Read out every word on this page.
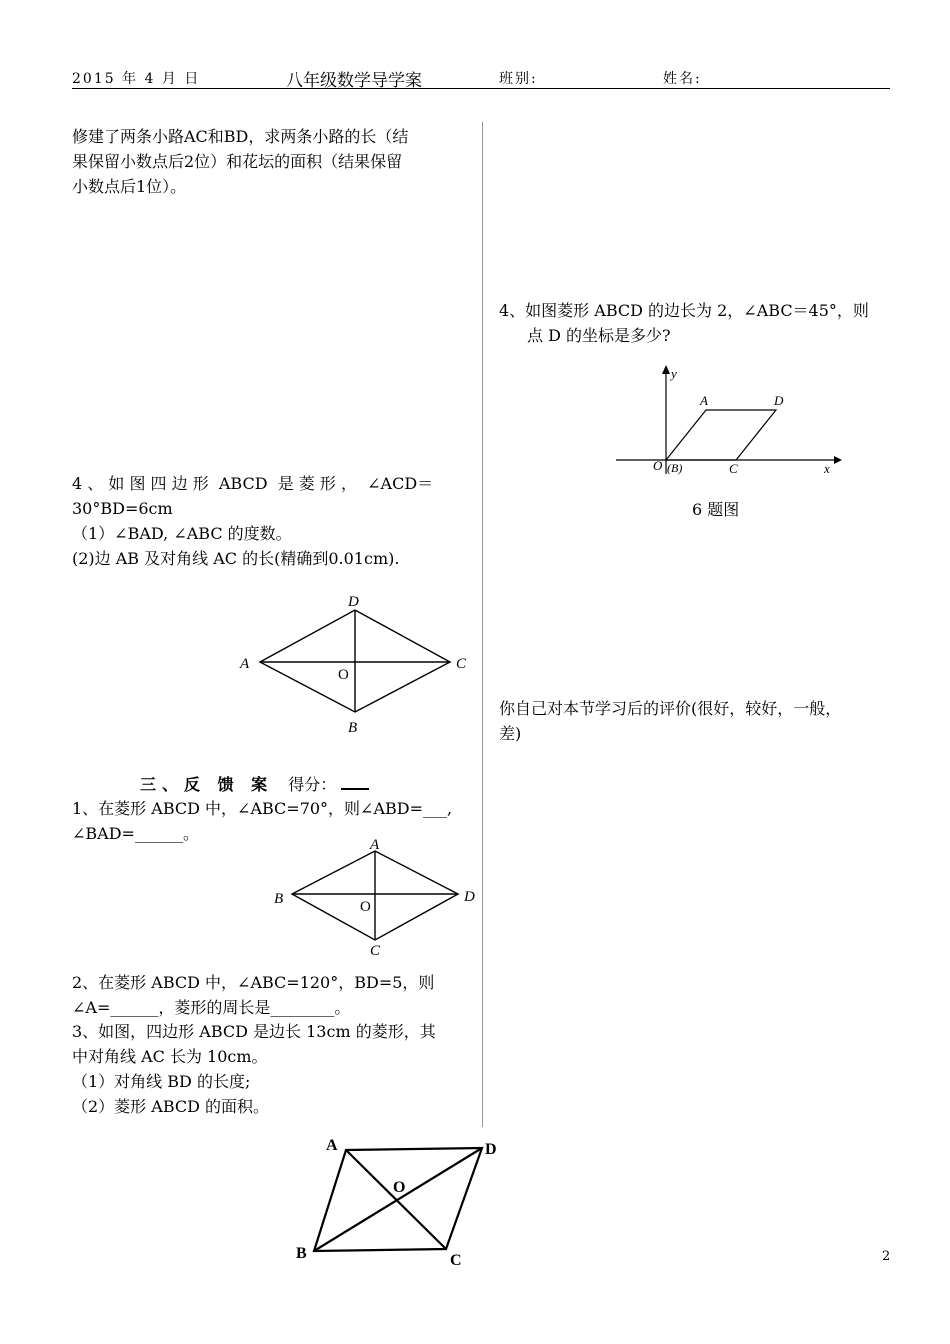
2015 年 4 月 日	八年级数学导学案	班别:	姓名:
修建了两条小路AC和BD，求两条小路的长（结
果保留小数点后2位）和花坛的面积（结果保留
小数点后1位）。
4 、 如 图 四 边 形  ABCD  是 菱 形 ，  ∠ACD＝
30°BD=6cm
（1）∠BAD, ∠ABC 的度数。
(2)边 AB 及对角线 AC 的长(精确到0.01cm).
D
A	C
O
B
三、反 馈 案 得分：
1、在菱形 ABCD 中，∠ABC=70°，则∠ABD=___,
∠BAD=______。
A
B	D
O
C
2、在菱形 ABCD 中，∠ABC=120°，BD=5，则
∠A=______，菱形的周长是________。
3、如图，四边形 ABCD 是边长 13cm 的菱形，其
中对角线 AC 长为 10cm。
（1）对角线 BD 的长度;
（2）菱形 ABCD 的面积。
A	D
O
B	C
4、如图菱形 ABCD 的边长为 2，∠ABC＝45°，则
点 D 的坐标是多少?
y
x
A	D
O (B)	C
6 题图
你自己对本节学习后的评价(很好，较好，一般，
差)
2
